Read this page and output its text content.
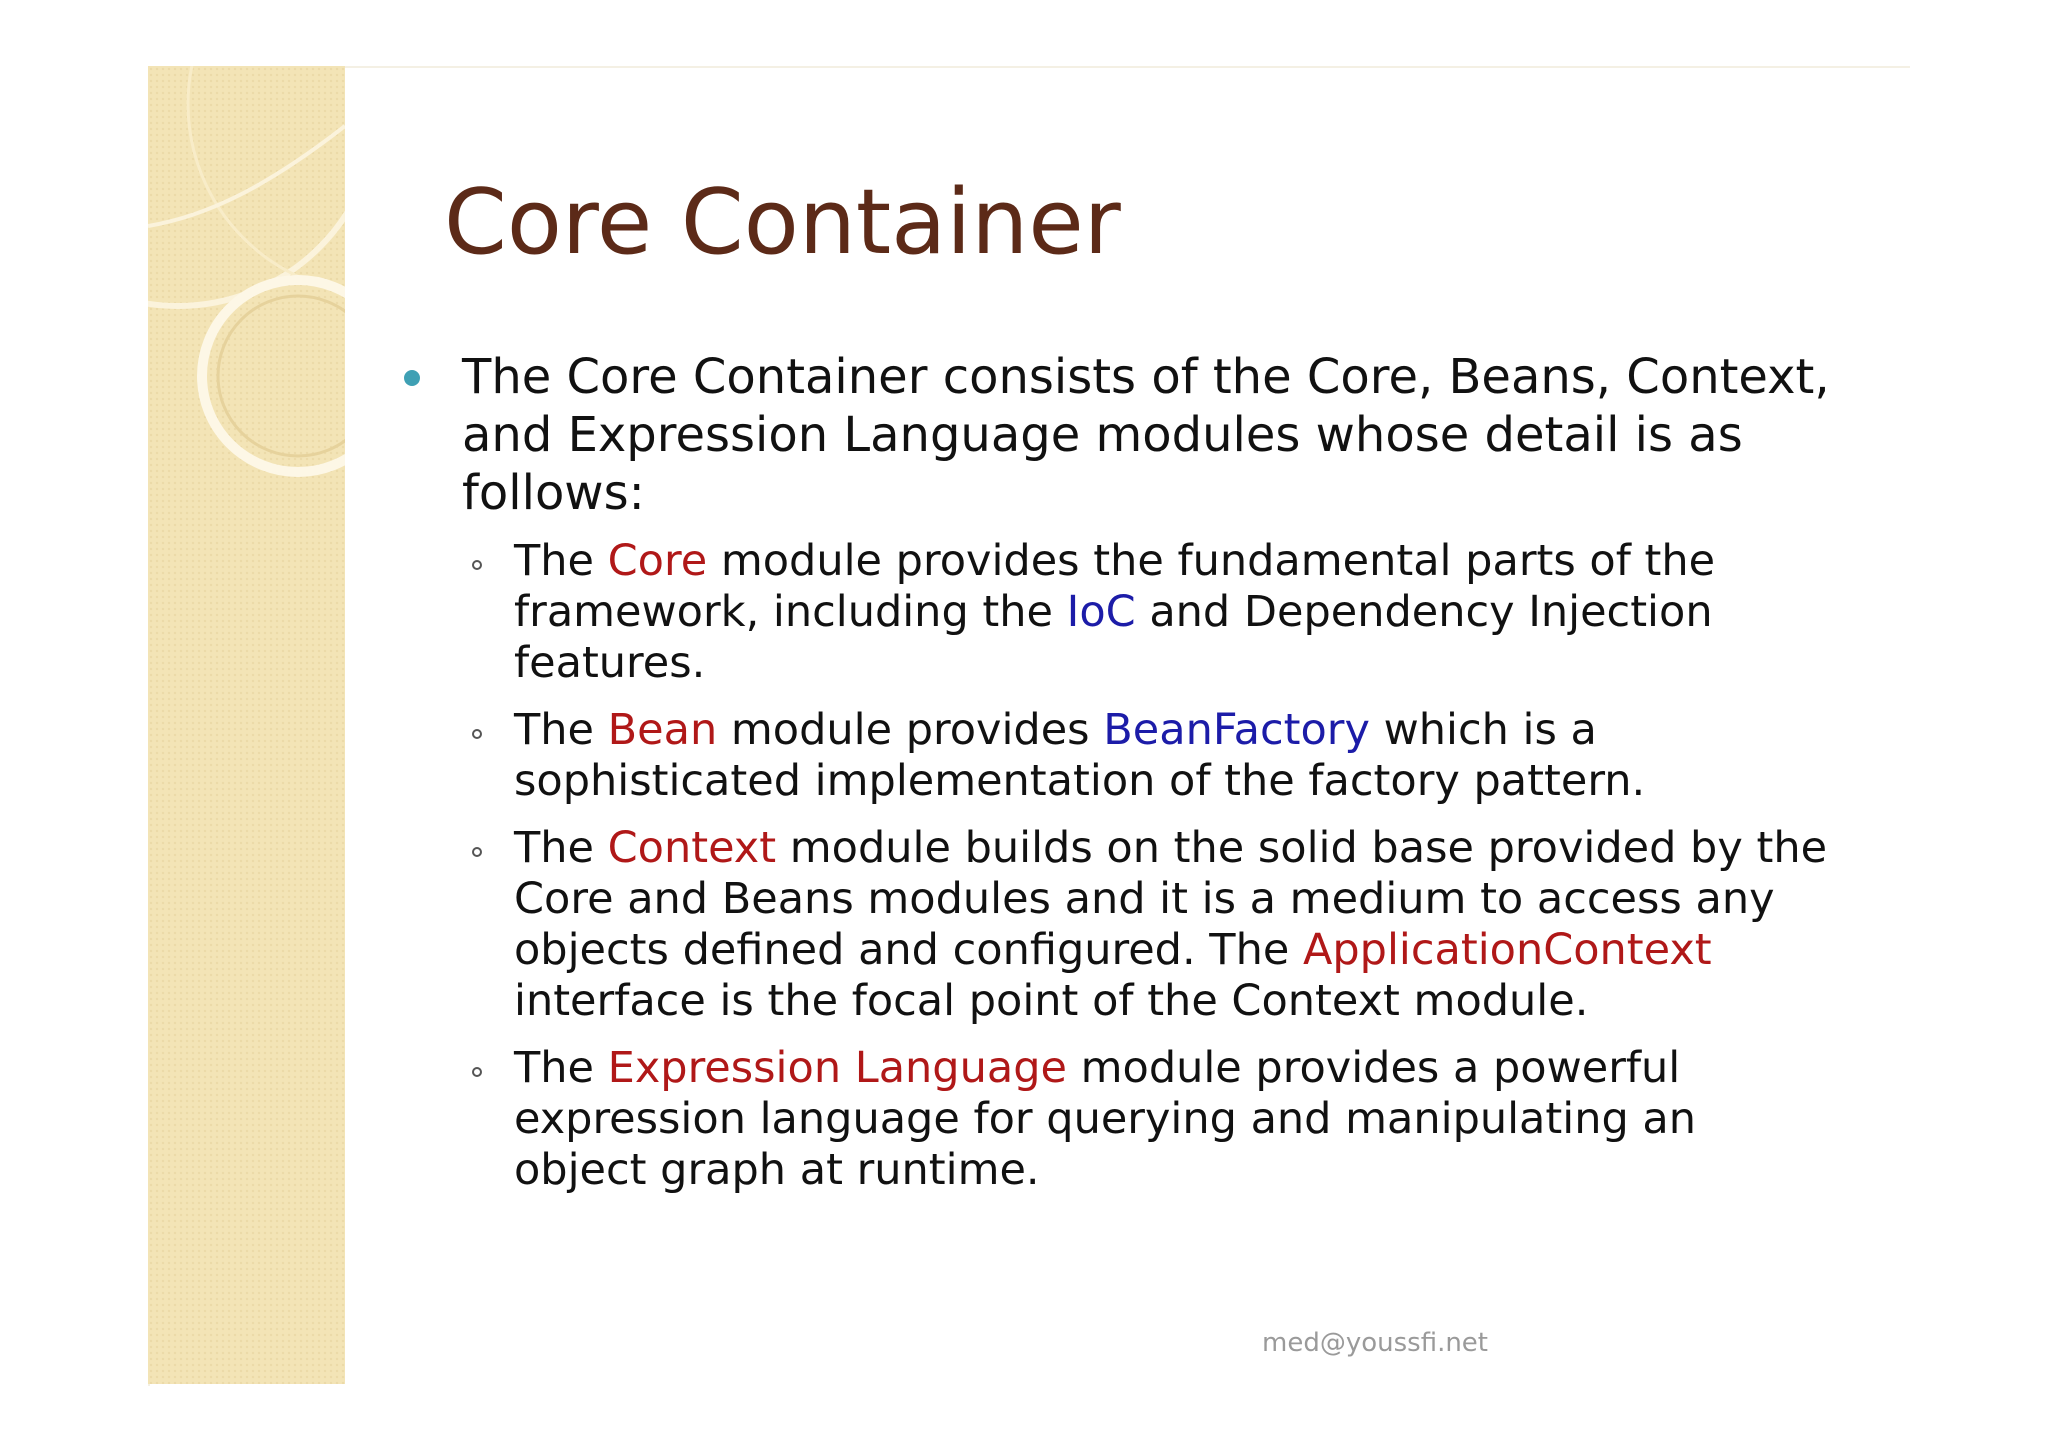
Core Container
The Core Container consists of the Core, Beans, Context, and Expression Language modules whose detail is as follows:
The Core module provides the fundamental parts of the framework, including the IoC and Dependency Injection features.
The Bean module provides BeanFactory which is a sophisticated implementation of the factory pattern.
The Context module builds on the solid base provided by the Core and Beans modules and it is a medium to access any objects defined and configured. The ApplicationContext interface is the focal point of the Context module.
The Expression Language module provides a powerful expression language for querying and manipulating an object graph at runtime.
med@youssfi.net
